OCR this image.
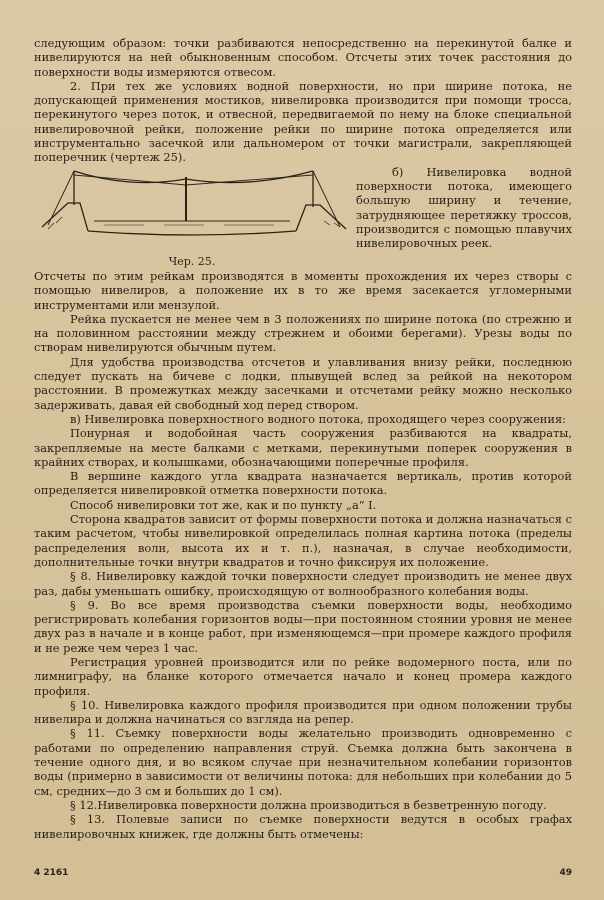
следующим образом: точки разбиваются непосредственно на перекинутой балке и нивелируются на ней обыкновенным способом. Отсчеты этих точек расстояния до поверхности воды измеряются отвесом.

2. При тех же условиях водной поверхности, но при ширине потока, не допускающей применения мостиков, нивелировка производится при помощи тросса, перекинутого через поток, и отвесной, передвигаемой по нему на блоке специальной нивелировочной рейки, положение рейки по ширине потока определяется или инструментально засечкой или дальномером от точки магистрали, закрепляющей поперечник (чертеж 25).

Чер. 25.

б) Нивелировка водной поверхности потока, имеющего большую ширину и течение, затрудняющее перетяжку троссов, производится с помощью плавучих нивелировочных реек.

Отсчеты по этим рейкам производятся в моменты прохождения их через створы с помощью нивелиров, а положение их в то же время засекается угломерными инструментами или мензулой.

Рейка пускается не менее чем в 3 положениях по ширине потока (по стрежню и на половинном расстоянии между стрежнем и обоими берегами). Урезы воды по створам нивелируются обычным путем.

Для удобства производства отсчетов и улавливания внизу рейки, последнюю следует пускать на бичеве с лодки, плывущей вслед за рейкой на некотором расстоянии. В промежутках между засечками и отсчетами рейку можно несколько задерживать, давая ей свободный ход перед створом.

в) Нивелировка поверхностного водного потока, проходящего через сооружения:

Понурная и водобойная часть сооружения разбиваются на квадраты, закрепляемые на месте балками с метками, перекинутыми поперек сооружения в крайних створах, и колышками, обозначающими поперечные профиля.

В вершине каждого угла квадрата назначается вертикаль, против которой определяется нивелировкой отметка поверхности потока.

Способ нивелировки тот же, как и по пункту „а“ I.

Сторона квадратов зависит от формы поверхности потока и должна назначаться с таким расчетом, чтобы нивелировкой определилась полная картина потока (пределы распределения волн, высота их и т. п.), назначая, в случае необходимости, дополнительные точки внутри квадратов и точно фиксируя их положение.

§ 8. Нивелировку каждой точки поверхности следует производить не менее двух раз, дабы уменьшать ошибку, происходящую от волнообразного колебания воды.

§ 9. Во все время производства съемки поверхности воды, необходимо регистрировать колебания горизонтов воды—при постоянном стоянии уровня не менее двух раз в начале и в конце работ, при изменяющемся—при промере каждого профиля и не реже чем через 1 час.

Регистрация уровней производится или по рейке водомерного поста, или по лимниграфу, на бланке которого отмечается начало и конец промера каждого профиля.

§ 10. Нивелировка каждого профиля производится при одном положении трубы нивелира и должна начинаться со взгляда на репер.

§ 11. Съемку поверхности воды желательно производить одновременно с работами по определению направления струй. Съемка должна быть закончена в течение одного дня, и во всяком случае при незначительном колебании горизонтов воды (примерно в зависимости от величины потока: для небольших при колебании до 5 см, средних—до 3 см и больших до 1 см).

§ 12.Нивелировка поверхности должна производиться в безветренную погоду.

§ 13. Полевые записи по съемке поверхности ведутся в особых графах нивелировочных книжек, где должны быть отмечены:

4 2161	49
